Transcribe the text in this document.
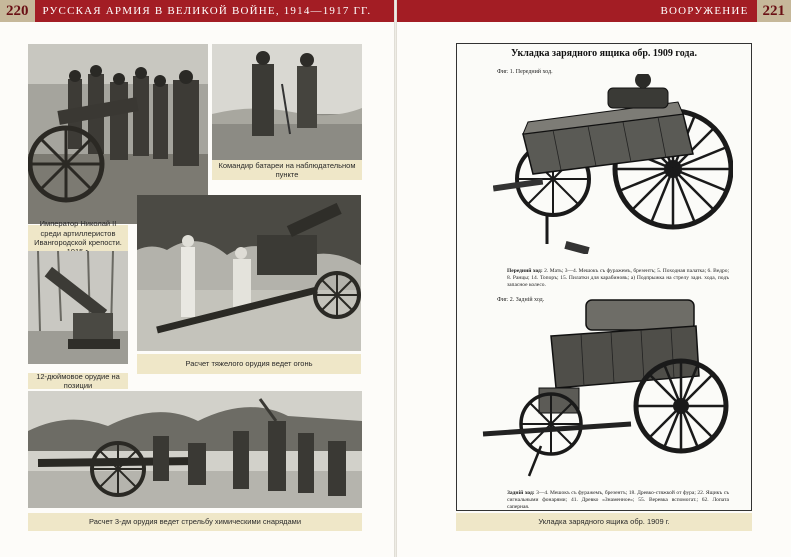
220	РУССКАЯ АРМИЯ В ВЕЛИКОЙ ВОЙНЕ, 1914—1917 ГГ.	ВООРУЖЕНИЕ 221
среди артиллеристов Ивангородской крепости.
Командир батареи на наблюдательном пункте
12-дюймовое орудие на позиции
Расчет тяжелого орудия ведет огонь
Расчет 3-дм орудия ведет стрельбу химическими снарядами
Укладка зарядного ящика обр. 1909 года.
Фиг. 1. Передний ход.
Передний ход: 2. Мать; 3—4. Мешокъ съ фуражемъ, брезентъ; 5. Походная палатка; 6. Ведро; 8. Ранцы; 14. Топоръ; 15. Пилатки для карабиновъ; а) Подпрыжка на стрелу задн. хода, подъ запасное колесо.
Фиг. 2. Задній ход.
Задній ход: 3—4. Мешокъ съ фуражемъ, брезентъ; 18. Древко-стяжкой от фура; 22. Ящикъ съ сигнальными фонарями; 41. Древко «Знаменное»; 55. Веревка вспомогат.; 62. Лопата саперная.
Укладка зарядного ящика обр. 1909 г.
